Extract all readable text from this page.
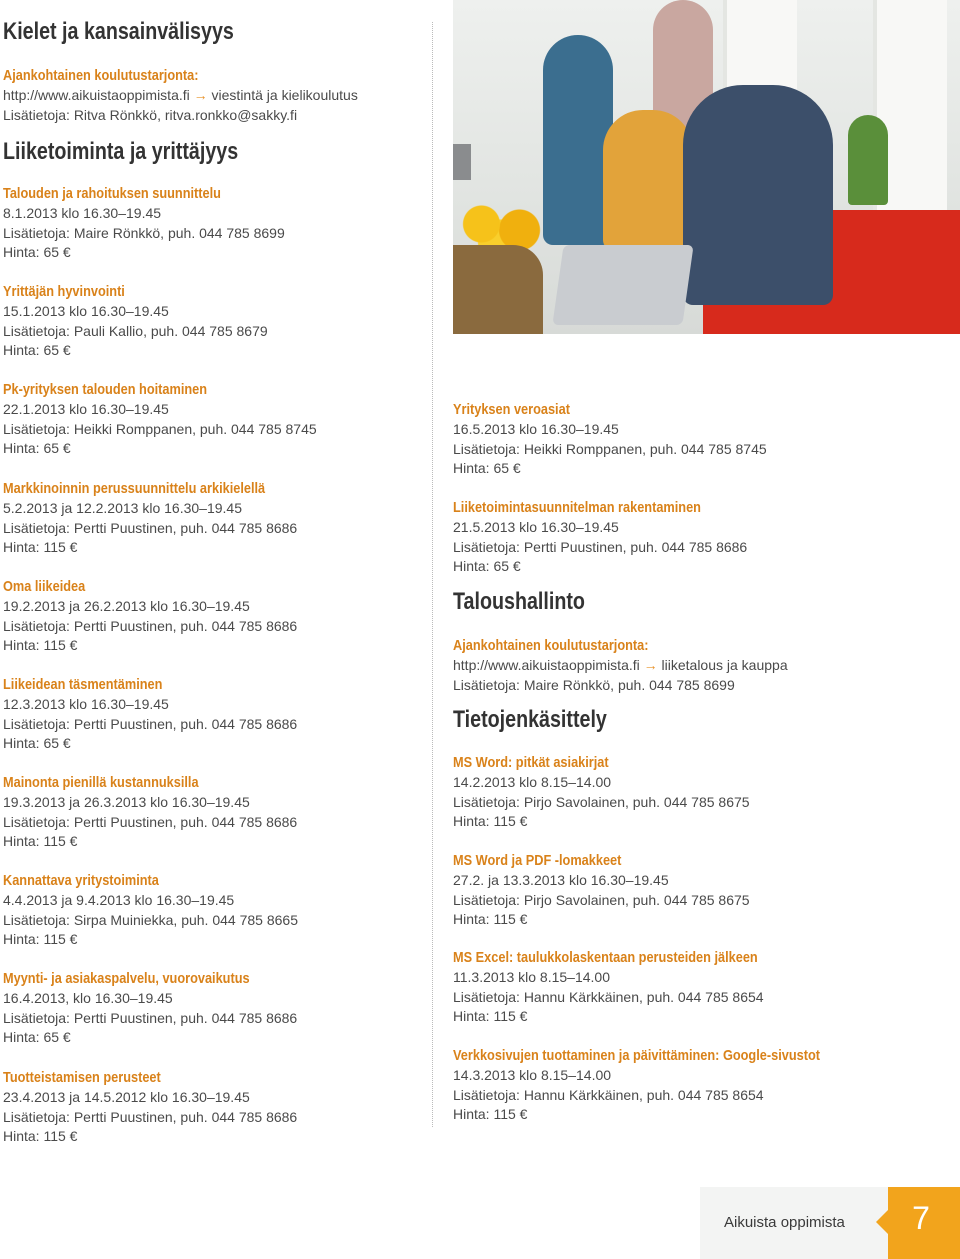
Kielet ja kansainvälisyys
Ajankohtainen koulutustarjonta:
http://www.aikuistaoppimista.fi → viestintä ja kielikoulutus
Lisätietoja: Ritva Rönkkö, ritva.ronkko@sakky.fi
Liiketoiminta ja yrittäjyys
Talouden ja rahoituksen suunnittelu
8.1.2013 klo 16.30–19.45
Lisätietoja: Maire Rönkkö, puh. 044 785 8699
Hinta: 65 €
Yrittäjän hyvinvointi
15.1.2013 klo 16.30–19.45
Lisätietoja: Pauli Kallio, puh. 044 785 8679
Hinta: 65 €
Pk-yrityksen talouden hoitaminen
22.1.2013 klo 16.30–19.45
Lisätietoja: Heikki Romppanen, puh. 044 785 8745
Hinta: 65 €
Markkinoinnin perussuunnittelu arkikielellä
5.2.2013 ja 12.2.2013 klo 16.30–19.45
Lisätietoja: Pertti Puustinen, puh. 044 785 8686
Hinta: 115 €
Oma liikeidea
19.2.2013 ja 26.2.2013 klo 16.30–19.45
Lisätietoja: Pertti Puustinen, puh. 044 785 8686
Hinta: 115 €
Liikeidean täsmentäminen
12.3.2013 klo 16.30–19.45
Lisätietoja: Pertti Puustinen, puh. 044 785 8686
Hinta: 65 €
Mainonta pienillä kustannuksilla
19.3.2013 ja 26.3.2013 klo 16.30–19.45
Lisätietoja: Pertti Puustinen, puh. 044 785 8686
Hinta: 115 €
Kannattava yritystoiminta
4.4.2013 ja 9.4.2013 klo 16.30–19.45
Lisätietoja: Sirpa Muiniekka, puh. 044 785 8665
Hinta: 115 €
Myynti- ja asiakaspalvelu, vuorovaikutus
16.4.2013, klo 16.30–19.45
Lisätietoja: Pertti Puustinen, puh. 044 785 8686
Hinta: 65 €
Tuotteistamisen perusteet
23.4.2013 ja 14.5.2012 klo 16.30–19.45
Lisätietoja: Pertti Puustinen, puh. 044 785 8686
Hinta: 115 €
Yrityksen veroasiat
16.5.2013 klo 16.30–19.45
Lisätietoja: Heikki Romppanen, puh. 044 785 8745
Hinta: 65 €
Liiketoimintasuunnitelman rakentaminen
21.5.2013 klo 16.30–19.45
Lisätietoja: Pertti Puustinen, puh. 044 785 8686
Hinta: 65 €
Taloushallinto
Ajankohtainen koulutustarjonta:
http://www.aikuistaoppimista.fi → liiketalous ja kauppa
Lisätietoja: Maire Rönkkö, puh. 044 785 8699
Tietojenkäsittely
MS Word: pitkät asiakirjat
14.2.2013 klo 8.15–14.00
Lisätietoja: Pirjo Savolainen, puh. 044 785 8675
Hinta: 115 €
MS Word ja PDF -lomakkeet
27.2. ja 13.3.2013 klo 16.30–19.45
Lisätietoja: Pirjo Savolainen, puh. 044 785 8675
Hinta: 115 €
MS Excel: taulukkolaskentaan perusteiden jälkeen
11.3.2013 klo 8.15–14.00
Lisätietoja: Hannu Kärkkäinen, puh. 044 785 8654
Hinta: 115 €
Verkkosivujen tuottaminen ja päivittäminen: Google-sivustot
14.3.2013 klo 8.15–14.00
Lisätietoja: Hannu Kärkkäinen, puh. 044 785 8654
Hinta: 115 €
Aikuista oppimista	7
